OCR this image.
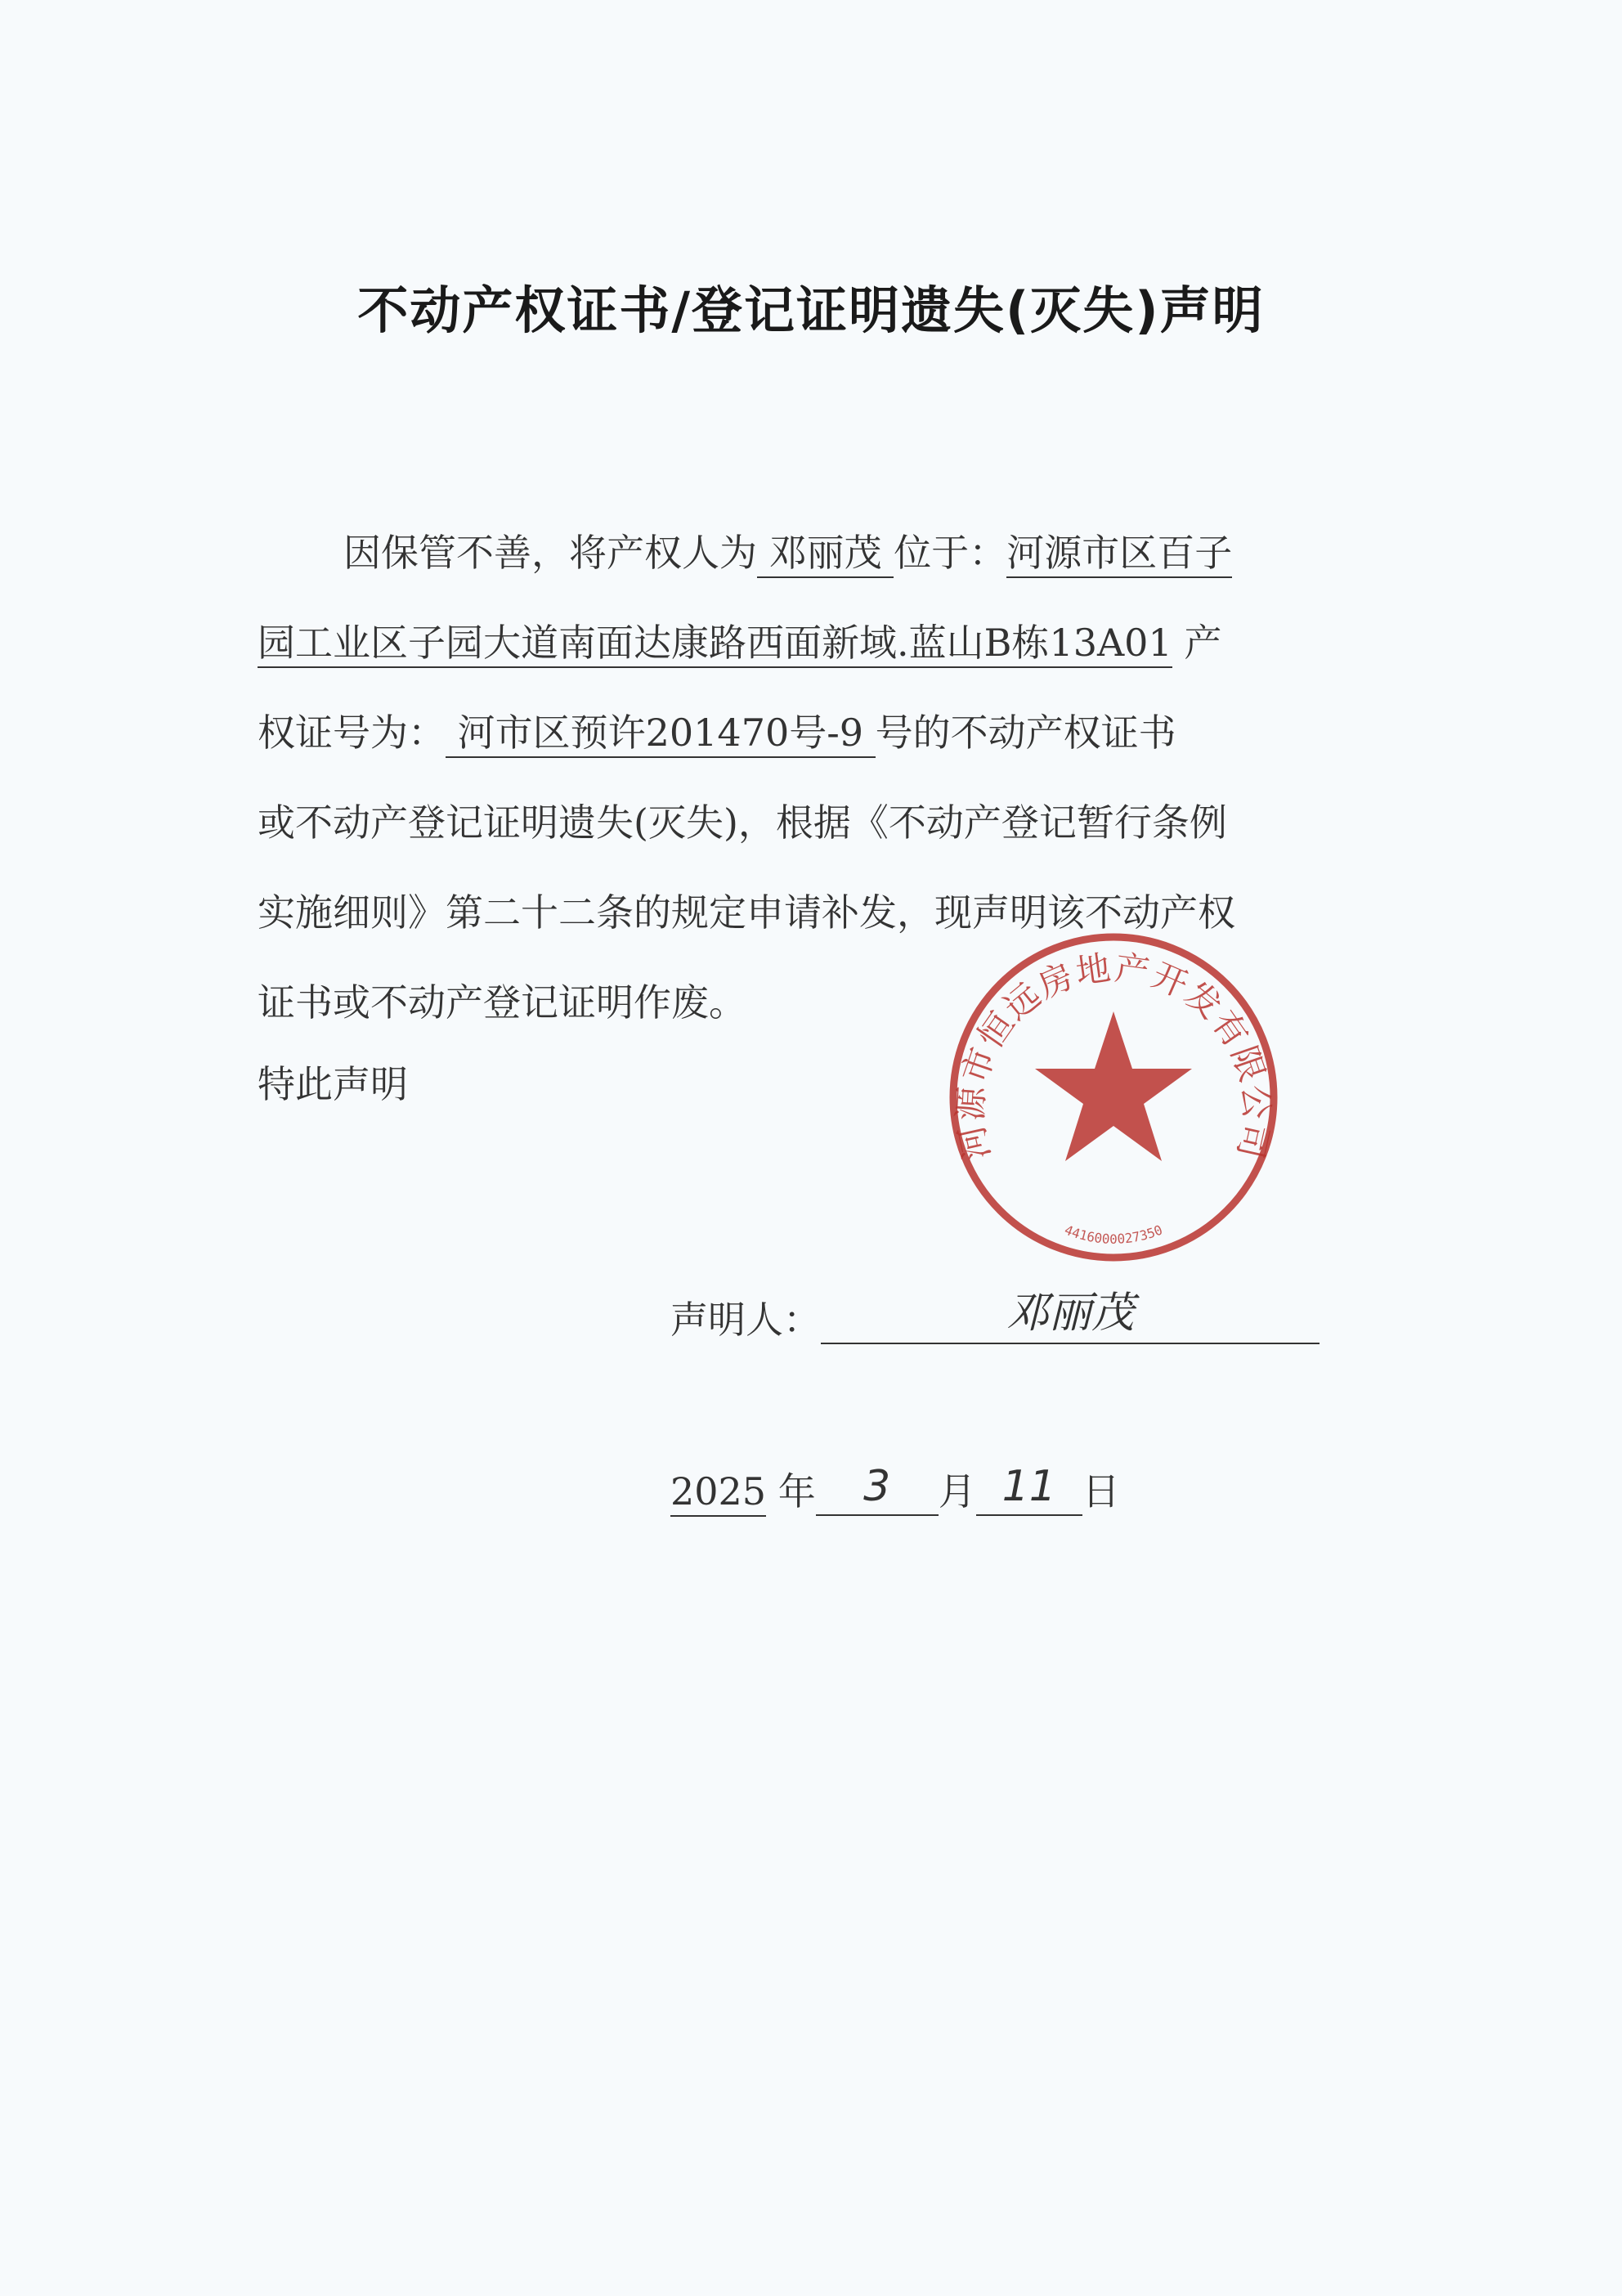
不动产权证书/登记证明遗失(灭失)声明
因保管不善，将产权人为 邓丽茂 位于：河源市区百子
园工业区子园大道南面达康路西面新域.蓝山B栋13A01 产
权证号为： 河市区预许201470号-9 号的不动产权证书
或不动产登记证明遗失(灭失)，根据《不动产登记暂行条例
实施细则》第二十二条的规定申请补发，现声明该不动产权
证书或不动产登记证明作废。
特此声明
河源市恒远房地产开发有限公司
4416000027350
声明人：	邓丽茂
2025 年	3	月 11 日
